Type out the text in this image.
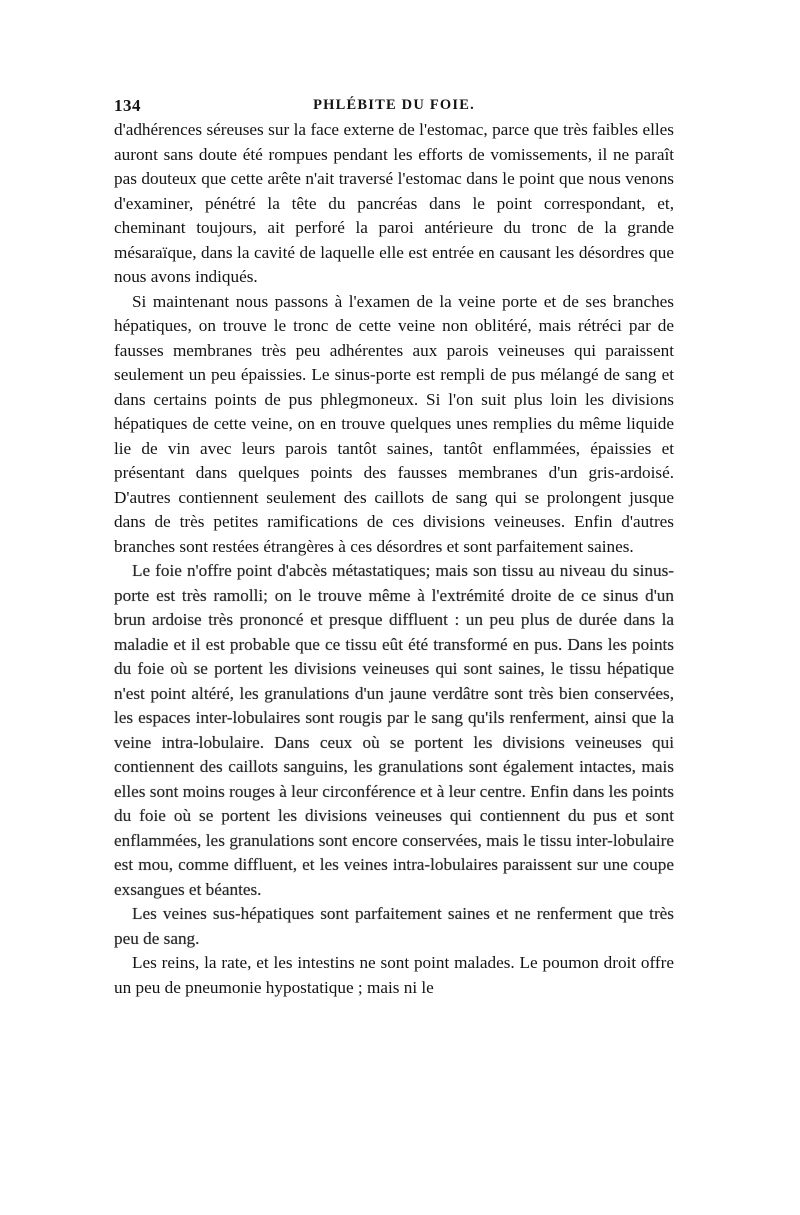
134	PHLÉBITE DU FOIE.

d'adhérences séreuses sur la face externe de l'estomac, parce que très faibles elles auront sans doute été rompues pendant les efforts de vomissements, il ne paraît pas douteux que cette arête n'ait traversé l'estomac dans le point que nous venons d'examiner, pénétré la tête du pancréas dans le point correspondant, et, cheminant toujours, ait perforé la paroi antérieure du tronc de la grande mésaraïque, dans la cavité de laquelle elle est entrée en causant les désordres que nous avons indiqués.

Si maintenant nous passons à l'examen de la veine porte et de ses branches hépatiques, on trouve le tronc de cette veine non oblitéré, mais rétréci par de fausses membranes très peu adhérentes aux parois veineuses qui paraissent seulement un peu épaissies. Le sinus-porte est rempli de pus mélangé de sang et dans certains points de pus phlegmoneux. Si l'on suit plus loin les divisions hépatiques de cette veine, on en trouve quelques unes remplies du même liquide lie de vin avec leurs parois tantôt saines, tantôt enflammées, épaissies et présentant dans quelques points des fausses membranes d'un gris-ardoisé. D'autres contiennent seulement des caillots de sang qui se prolongent jusque dans de très petites ramifications de ces divisions veineuses. Enfin d'autres branches sont restées étrangères à ces désordres et sont parfaitement saines.

Le foie n'offre point d'abcès métastatiques; mais son tissu au niveau du sinus-porte est très ramolli; on le trouve même à l'extrémité droite de ce sinus d'un brun ardoise très prononcé et presque diffluent : un peu plus de durée dans la maladie et il est probable que ce tissu eût été transformé en pus. Dans les points du foie où se portent les divisions veineuses qui sont saines, le tissu hépatique n'est point altéré, les granulations d'un jaune verdâtre sont très bien conservées, les espaces inter-lobulaires sont rougis par le sang qu'ils renferment, ainsi que la veine intra-lobulaire. Dans ceux où se portent les divisions veineuses qui contiennent des caillots sanguins, les granulations sont également intactes, mais elles sont moins rouges à leur circonférence et à leur centre. Enfin dans les points du foie où se portent les divisions veineuses qui contiennent du pus et sont enflammées, les granulations sont encore conservées, mais le tissu inter-lobulaire est mou, comme diffluent, et les veines intra-lobulaires paraissent sur une coupe exsangues et béantes.

Les veines sus-hépatiques sont parfaitement saines et ne renferment que très peu de sang.

Les reins, la rate, et les intestins ne sont point malades. Le poumon droit offre un peu de pneumonie hypostatique ; mais ni le
